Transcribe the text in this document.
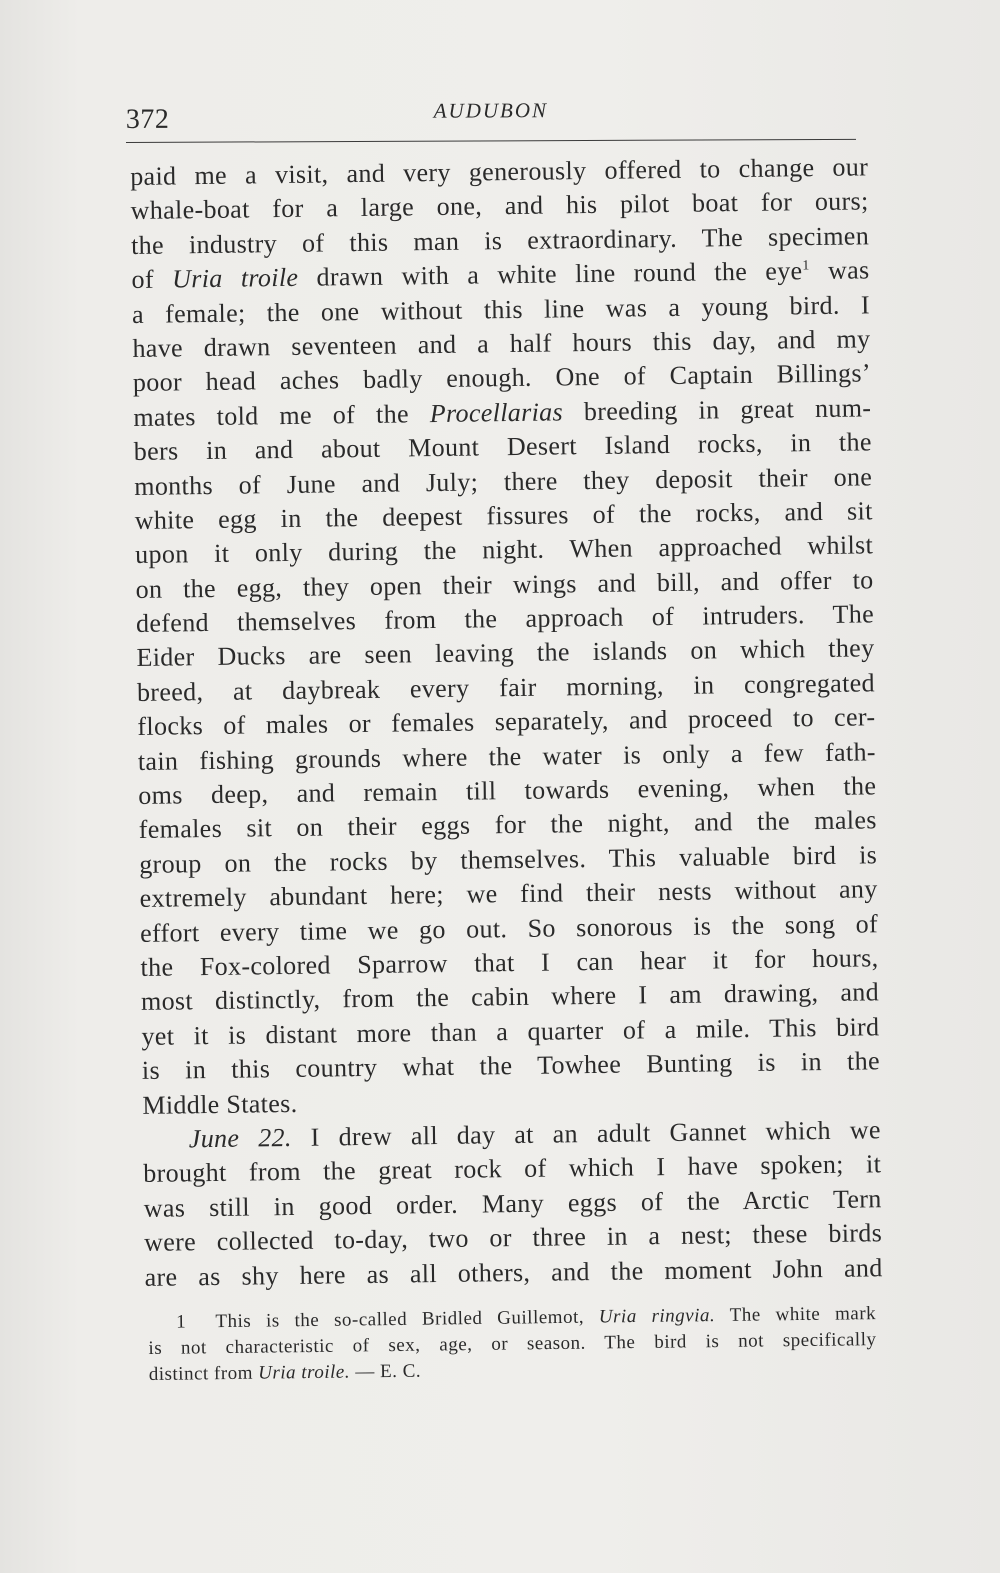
372	AUDUBON
paid me a visit, and very generously offered to change our
whale-boat for a large one, and his pilot boat for ours;
the industry of this man is extraordinary. The specimen
of Uria troile drawn with a white line round the eye$^1$ was
a female; the one without this line was a young bird. I
have drawn seventeen and a half hours this day, and my
poor head aches badly enough. One of Captain Billings’
mates told me of the Procellarias breeding in great num-
bers in and about Mount Desert Island rocks, in the
months of June and July; there they deposit their one
white egg in the deepest fissures of the rocks, and sit
upon it only during the night. When approached whilst
on the egg, they open their wings and bill, and offer to
defend themselves from the approach of intruders. The
Eider Ducks are seen leaving the islands on which they
breed, at daybreak every fair morning, in congregated
flocks of males or females separately, and proceed to cer-
tain fishing grounds where the water is only a few fath-
oms deep, and remain till towards evening, when the
females sit on their eggs for the night, and the males
group on the rocks by themselves. This valuable bird is
extremely abundant here; we find their nests without any
effort every time we go out. So sonorous is the song of
the Fox-colored Sparrow that I can hear it for hours,
most distinctly, from the cabin where I am drawing, and
yet it is distant more than a quarter of a mile. This bird
is in this country what the Towhee Bunting is in the
Middle States.
June 22. I drew all day at an adult Gannet which we
brought from the great rock of which I have spoken; it
was still in good order. Many eggs of the Arctic Tern
were collected to-day, two or three in a nest; these birds
are as shy here as all others, and the moment John and
1 This is the so-called Bridled Guillemot, Uria ringvia. The white mark
is not characteristic of sex, age, or season. The bird is not specifically
distinct from Uria troile. — E. C.
